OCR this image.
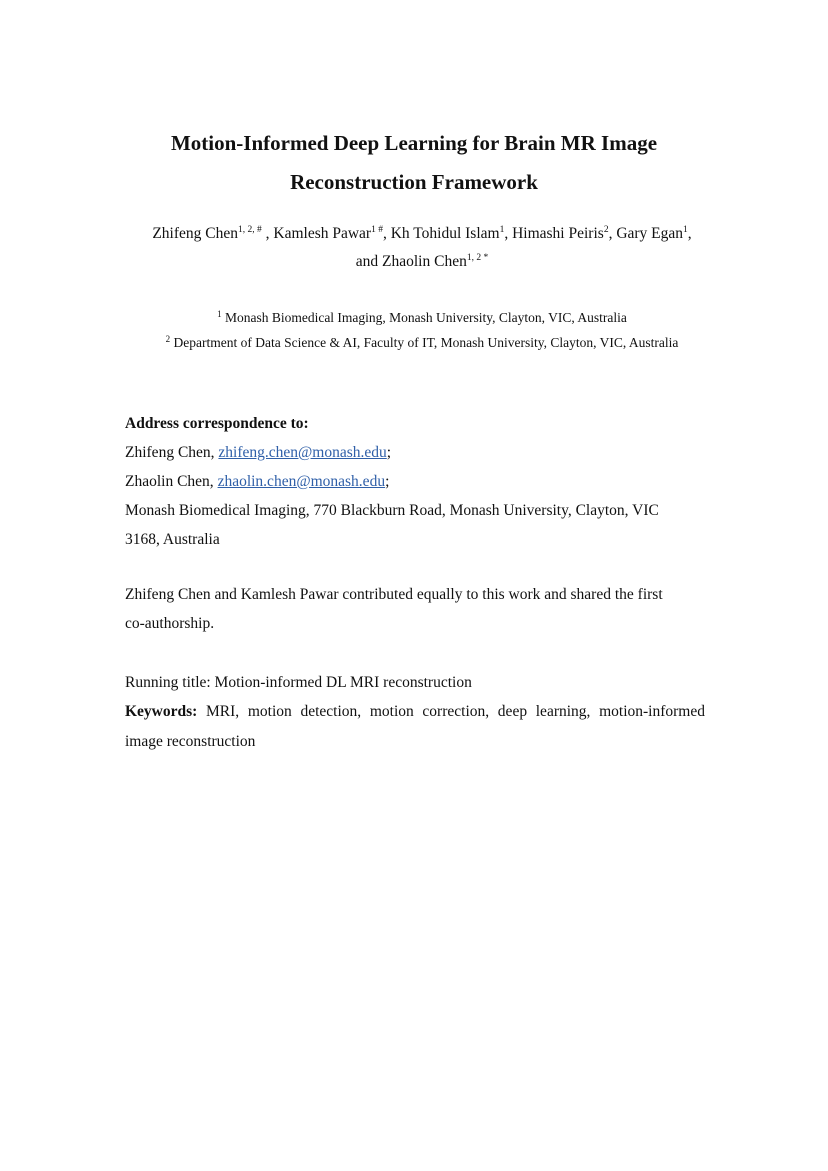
Motion-Informed Deep Learning for Brain MR Image
Reconstruction Framework
Zhifeng Chen$^{1, 2, \#}$ , Kamlesh Pawar$^{1 \#}$, Kh Tohidul Islam$^1$, Himashi Peiris$^2$, Gary Egan$^1$, and Zhaolin Chen$^{1, 2 *}$
$^1$ Monash Biomedical Imaging, Monash University, Clayton, VIC, Australia
$^2$ Department of Data Science & AI, Faculty of IT, Monash University, Clayton, VIC, Australia
Address correspondence to:
Zhifeng Chen, zhifeng.chen@monash.edu;
Zhaolin Chen, zhaolin.chen@monash.edu;
Monash Biomedical Imaging, 770 Blackburn Road, Monash University, Clayton, VIC
3168, Australia
Zhifeng Chen and Kamlesh Pawar contributed equally to this work and shared the first
co-authorship.
Running title: Motion-informed DL MRI reconstruction
Keywords: MRI, motion detection, motion correction, deep learning, motion-informed image reconstruction
